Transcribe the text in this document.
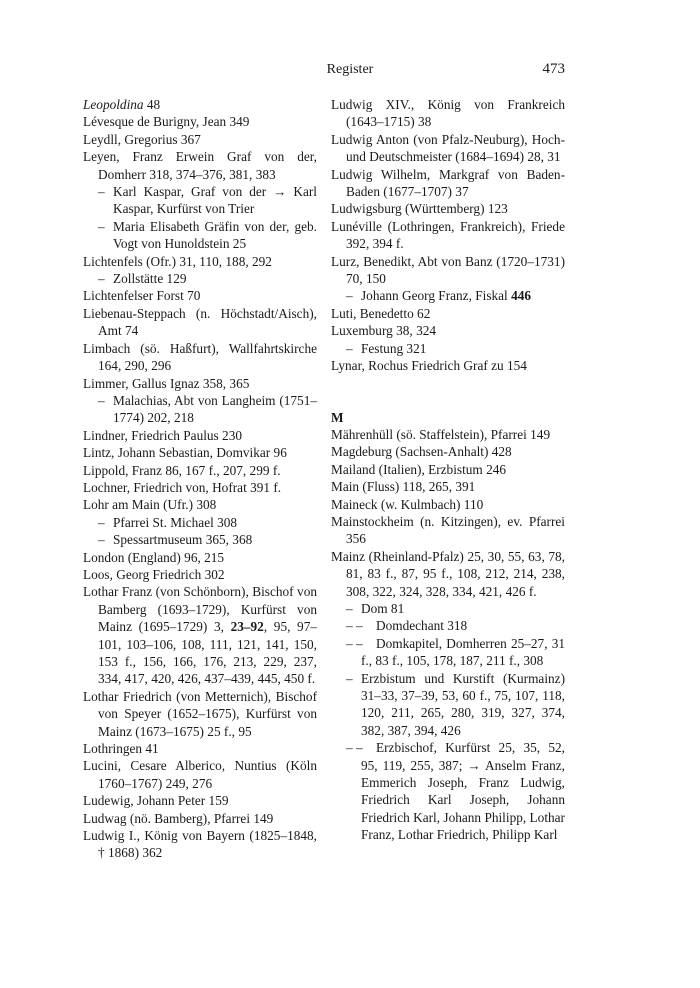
Register	473

Leopoldina 48

Lévesque de Burigny, Jean 349

Leydll, Gregorius 367

Leyen, Franz Erwein Graf von der, Domherr 318, 374–376, 381, 383

– Karl Kaspar, Graf von der → Karl Kaspar, Kurfürst von Trier

– Maria Elisabeth Gräfin von der, geb. Vogt von Hunoldstein 25

Lichtenfels (Ofr.) 31, 110, 188, 292

– Zollstätte 129

Lichtenfelser Forst 70

Liebenau-Steppach (n. Höchstadt/Aisch), Amt 74

Limbach (sö. Haßfurt), Wallfahrtskirche 164, 290, 296

Limmer, Gallus Ignaz 358, 365

– Malachias, Abt von Langheim (1751–1774) 202, 218

Lindner, Friedrich Paulus 230

Lintz, Johann Sebastian, Domvikar 96

Lippold, Franz 86, 167 f., 207, 299 f.

Lochner, Friedrich von, Hofrat 391 f.

Lohr am Main (Ufr.) 308

– Pfarrei St. Michael 308

– Spessartmuseum 365, 368

London (England) 96, 215

Loos, Georg Friedrich 302

Lothar Franz (von Schönborn), Bischof von Bamberg (1693–1729), Kurfürst von Mainz (1695–1729) 3, 23–92, 95, 97–101, 103–106, 108, 111, 121, 141, 150, 153 f., 156, 166, 176, 213, 229, 237, 334, 417, 420, 426, 437–439, 445, 450 f.

Lothar Friedrich (von Metternich), Bischof von Speyer (1652–1675), Kurfürst von Mainz (1673–1675) 25 f., 95

Lothringen 41

Lucini, Cesare Alberico, Nuntius (Köln 1760–1767) 249, 276

Ludewig, Johann Peter 159

Ludwag (nö. Bamberg), Pfarrei 149

Ludwig I., König von Bayern (1825–1848, † 1868) 362

Ludwig XIV., König von Frankreich (1643–1715) 38

Ludwig Anton (von Pfalz-Neuburg), Hoch- und Deutschmeister (1684–1694) 28, 31

Ludwig Wilhelm, Markgraf von Baden-Baden (1677–1707) 37

Ludwigsburg (Württemberg) 123

Lunéville (Lothringen, Frankreich), Friede 392, 394 f.

Lurz, Benedikt, Abt von Banz (1720–1731) 70, 150

– Johann Georg Franz, Fiskal 446

Luti, Benedetto 62

Luxemburg 38, 324

– Festung 321

Lynar, Rochus Friedrich Graf zu 154

M

Mährenhüll (sö. Staffelstein), Pfarrei 149

Magdeburg (Sachsen-Anhalt) 428

Mailand (Italien), Erzbistum 246

Main (Fluss) 118, 265, 391

Maineck (w. Kulmbach) 110

Mainstockheim (n. Kitzingen), ev. Pfarrei 356

Mainz (Rheinland-Pfalz) 25, 30, 55, 63, 78, 81, 83 f., 87, 95 f., 108, 212, 214, 238, 308, 322, 324, 328, 334, 421, 426 f.

– Dom 81

– – Domdechant 318

– – Domkapitel, Domherren 25–27, 31 f., 83 f., 105, 178, 187, 211 f., 308

– Erzbistum und Kurstift (Kurmainz) 31–33, 37–39, 53, 60 f., 75, 107, 118, 120, 211, 265, 280, 319, 327, 374, 382, 387, 394, 426

– – Erzbischof, Kurfürst 25, 35, 52, 95, 119, 255, 387; → Anselm Franz, Emmerich Joseph, Franz Ludwig, Friedrich Karl Joseph, Johann Friedrich Karl, Johann Philipp, Lothar Franz, Lothar Friedrich, Philipp Karl
